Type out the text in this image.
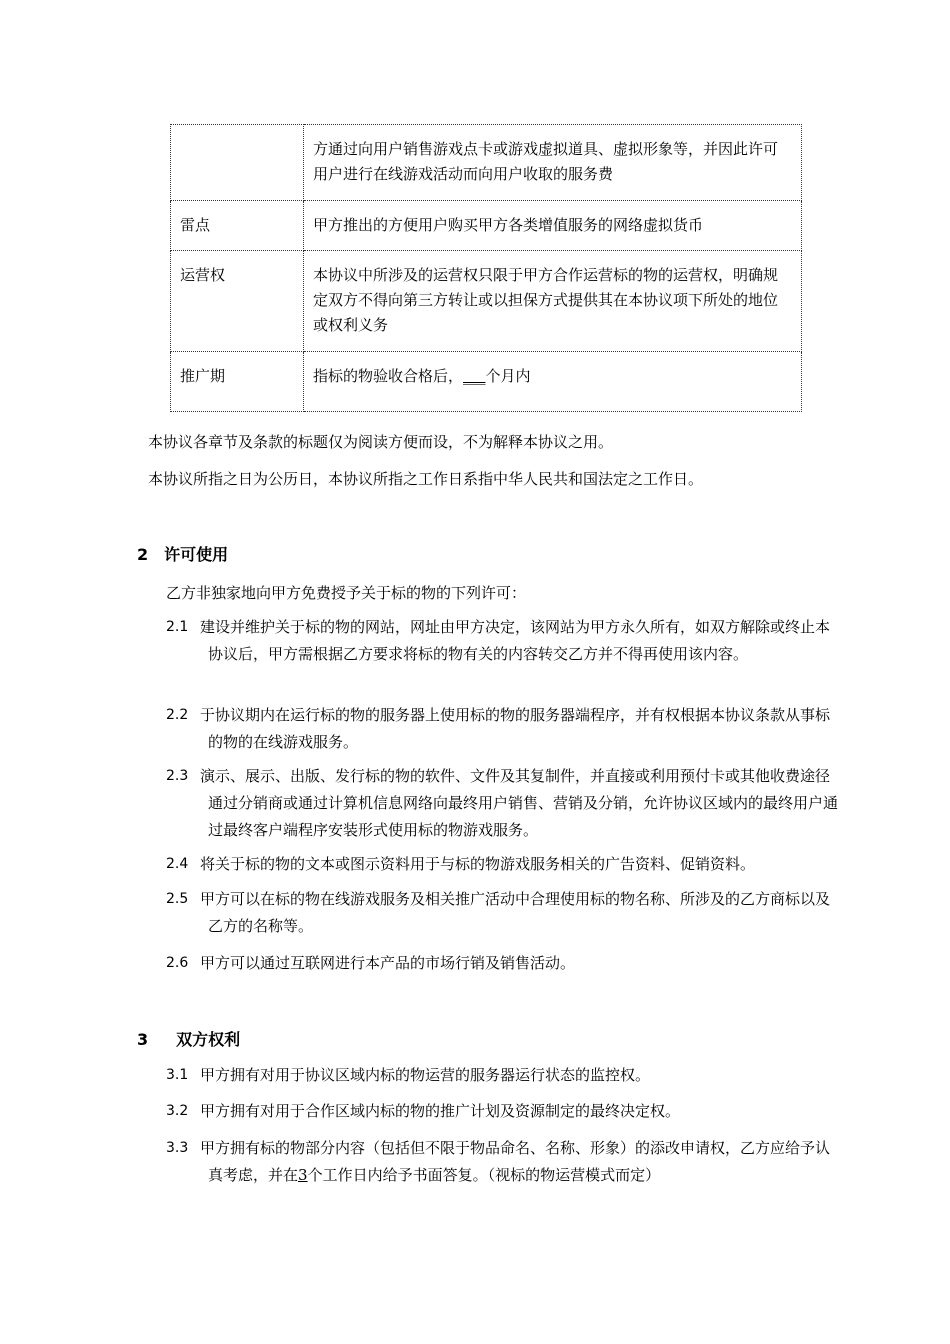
	方通过向用户销售游戏点卡或游戏虚拟道具、虚拟形象等，并因此许可用户进行在线游戏活动而向用户收取的服务费
雷点	甲方推出的方便用户购买甲方各类增值服务的网络虚拟货币
运营权	本协议中所涉及的运营权只限于甲方合作运营标的物的运营权，明确规定双方不得向第三方转让或以担保方式提供其在本协议项下所处的地位或权利义务
推广期	指标的物验收合格后，___个月内
本协议各章节及条款的标题仅为阅读方便而设，不为解释本协议之用。
本协议所指之日为公历日，本协议所指之工作日系指中华人民共和国法定之工作日。
2 许可使用
乙方非独家地向甲方免费授予关于标的物的下列许可：
2.1 建设并维护关于标的物的网站，网址由甲方决定，该网站为甲方永久所有，如双方解除或终止本协议后，甲方需根据乙方要求将标的物有关的内容转交乙方并不得再使用该内容。
2.2 于协议期内在运行标的物的服务器上使用标的物的服务器端程序，并有权根据本协议条款从事标的物的在线游戏服务。
2.3 演示、展示、出版、发行标的物的软件、文件及其复制件，并直接或利用预付卡或其他收费途径通过分销商或通过计算机信息网络向最终用户销售、营销及分销，允许协议区域内的最终用户通过最终客户端程序安装形式使用标的物游戏服务。
2.4 将关于标的物的文本或图示资料用于与标的物游戏服务相关的广告资料、促销资料。
2.5 甲方可以在标的物在线游戏服务及相关推广活动中合理使用标的物名称、所涉及的乙方商标以及乙方的名称等。
2.6 甲方可以通过互联网进行本产品的市场行销及销售活动。
3 双方权利
3.1 甲方拥有对用于协议区域内标的物运营的服务器运行状态的监控权。
3.2 甲方拥有对用于合作区域内标的物的推广计划及资源制定的最终决定权。
3.3 甲方拥有标的物部分内容（包括但不限于物品命名、名称、形象）的添改申请权，乙方应给予认真考虑，并在3个工作日内给予书面答复。（视标的物运营模式而定）
